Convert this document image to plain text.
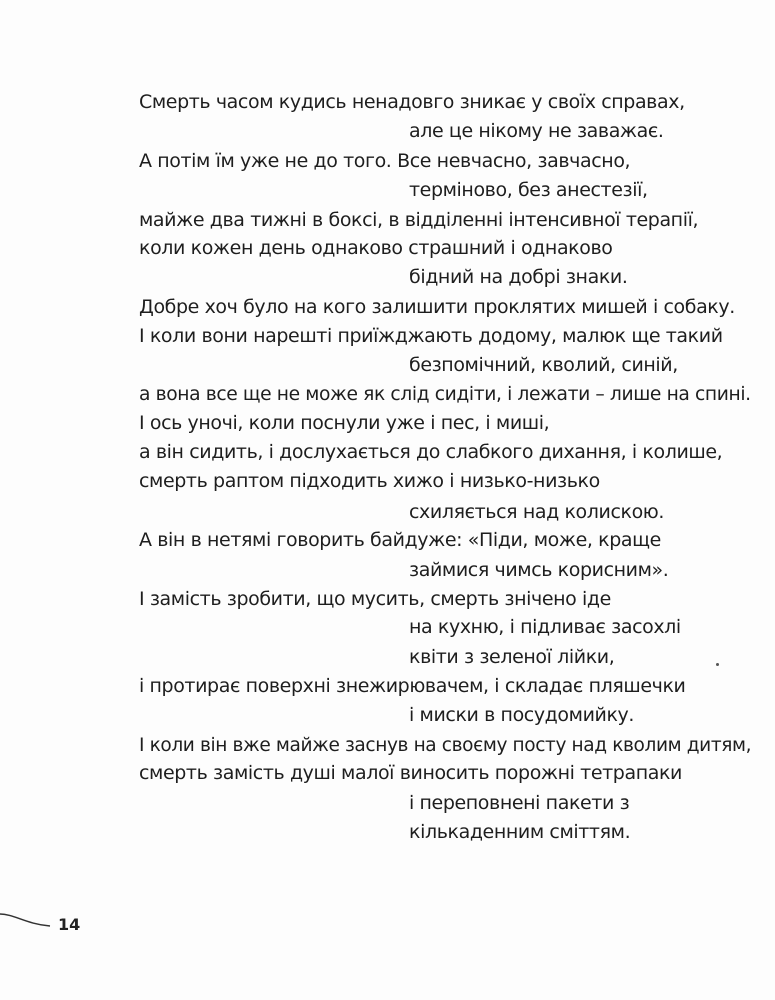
Смерть часом кудись ненадовго зникає у своїх справах,
але це нікому не заважає.
А потім їм уже не до того. Все невчасно, завчасно,
терміново, без анестезії,
майже два тижні в боксі, в відділенні інтенсивної терапії,
коли кожен день однаково страшний і однаково
бідний на добрі знаки.
Добре хоч було на кого залишити проклятих мишей і собаку.
І коли вони нарешті приїжджають додому, малюк ще такий
безпомічний, кволий, синій,
а вона все ще не може як слід сидіти, і лежати – лише на спині.
І ось уночі, коли поснули уже і пес, і миші,
а він сидить, і дослухається до слабкого дихання, і колише,
смерть раптом підходить хижо і низько-низько
схиляється над колискою.
А він в нетямі говорить байдуже: «Піди, може, краще
займися чимсь корисним».
І замість зробити, що мусить, смерть знічено іде
на кухню, і підливає засохлі
квіти з зеленої лійки,
і протирає поверхні знежирювачем, і складає пляшечки
і миски в посудомийку.
І коли він вже майже заснув на своєму посту над кволим дитям,
смерть замість душі малої виносить порожні тетрапаки
і переповнені пакети з
кількаденним сміттям.
14
